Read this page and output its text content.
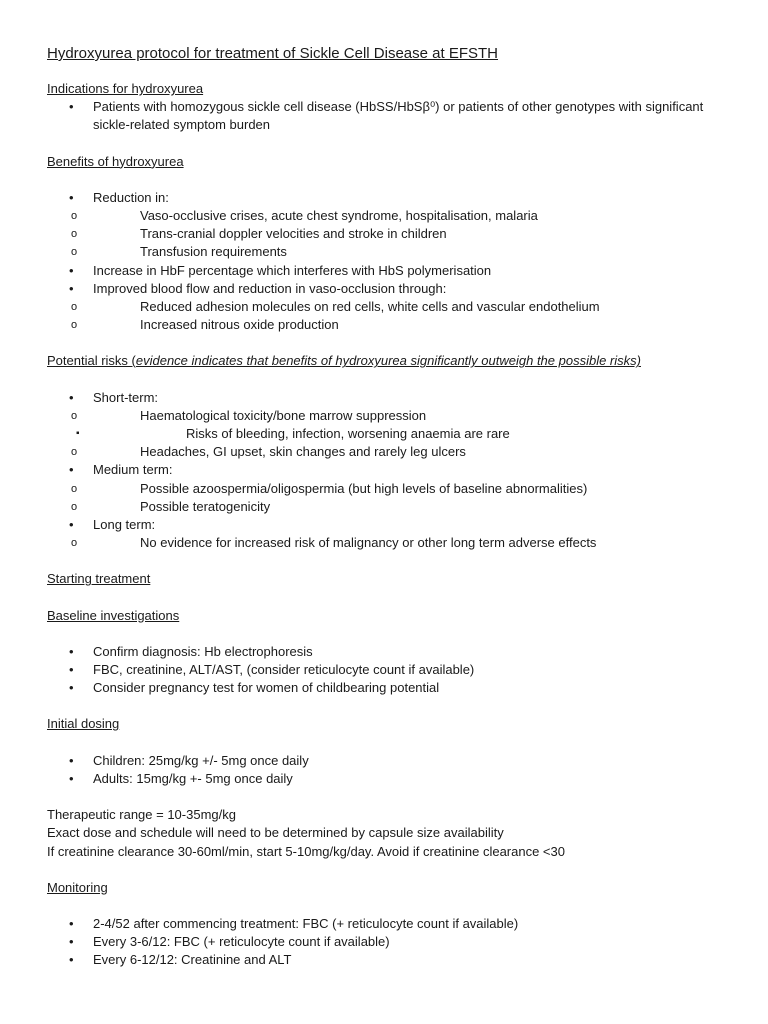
Hydroxyurea protocol for treatment of Sickle Cell Disease at EFSTH

Indications for hydroxyurea

• Patients with homozygous sickle cell disease (HbSS/HbSβ⁰) or patients of other genotypes with significant sickle-related symptom burden

Benefits of hydroxyurea

• Reduction in:
o Vaso-occlusive crises, acute chest syndrome, hospitalisation, malaria
o Trans-cranial doppler velocities and stroke in children
o Transfusion requirements
• Increase in HbF percentage which interferes with HbS polymerisation
• Improved blood flow and reduction in vaso-occlusion through:
o Reduced adhesion molecules on red cells, white cells and vascular endothelium
o Increased nitrous oxide production

Potential risks (evidence indicates that benefits of hydroxyurea significantly outweigh the possible risks)

• Short-term:
o Haematological toxicity/bone marrow suppression
▪ Risks of bleeding, infection, worsening anaemia are rare
o Headaches, GI upset, skin changes and rarely leg ulcers
• Medium term:
o Possible azoospermia/oligospermia (but high levels of baseline abnormalities)
o Possible teratogenicity
• Long term:
o No evidence for increased risk of malignancy or other long term adverse effects

Starting treatment

Baseline investigations

• Confirm diagnosis: Hb electrophoresis
• FBC, creatinine, ALT/AST, (consider reticulocyte count if available)
• Consider pregnancy test for women of childbearing potential

Initial dosing

• Children: 25mg/kg +/- 5mg once daily
• Adults: 15mg/kg +- 5mg once daily

Therapeutic range = 10-35mg/kg

Exact dose and schedule will need to be determined by capsule size availability

If creatinine clearance 30-60ml/min, start 5-10mg/kg/day. Avoid if creatinine clearance <30

Monitoring

• 2-4/52 after commencing treatment: FBC (+ reticulocyte count if available)
• Every 3-6/12: FBC (+ reticulocyte count if available)
• Every 6-12/12: Creatinine and ALT
